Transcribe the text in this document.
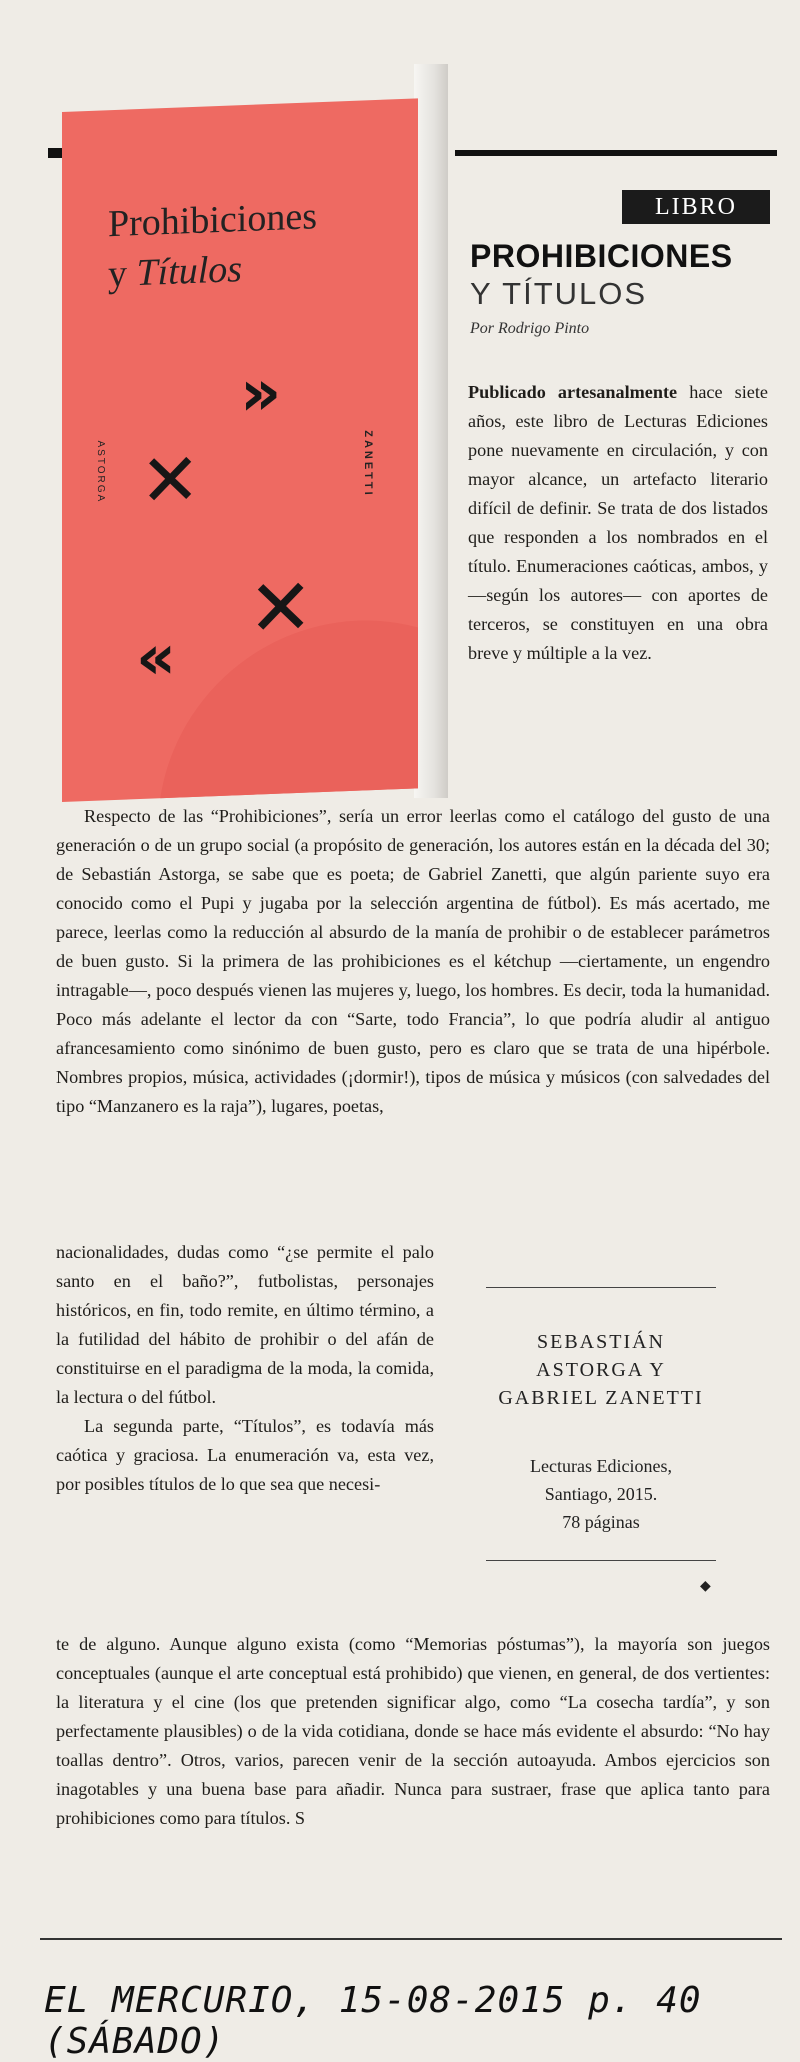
Prohibiciones
y Títulos
ASTORGA	ZANETTI
»
✕
✕
«
LIBRO
PROHIBICIONES
Y TÍTULOS
Por Rodrigo Pinto

Publicado artesanalmente hace siete años, este libro de Lecturas Ediciones pone nuevamente en circulación, y con mayor alcance, un artefacto literario difícil de definir. Se trata de dos listados que responden a los nombrados en el título. Enumeraciones caóticas, ambos, y —según los autores— con aportes de terceros, se constituyen en una obra breve y múltiple a la vez.

Respecto de las “Prohibiciones”, sería un error leerlas como el catálogo del gusto de una generación o de un grupo social (a propósito de generación, los autores están en la década del 30; de Sebastián Astorga, se sabe que es poeta; de Gabriel Zanetti, que algún pariente suyo era conocido como el Pupi y jugaba por la selección argentina de fútbol). Es más acertado, me parece, leerlas como la reducción al absurdo de la manía de prohibir o de establecer parámetros de buen gusto. Si la primera de las prohibiciones es el kétchup —ciertamente, un engendro intragable—, poco después vienen las mujeres y, luego, los hombres. Es decir, toda la humanidad. Poco más adelante el lector da con “Sarte, todo Francia”, lo que podría aludir al antiguo afrancesamiento como sinónimo de buen gusto, pero es claro que se trata de una hipérbole. Nombres propios, música, actividades (¡dormir!), tipos de música y músicos (con salvedades del tipo “Manzanero es la raja”), lugares, poetas,

nacionalidades, dudas como “¿se permite el palo santo en el baño?”, futbolistas, personajes históricos, en fin, todo remite, en último término, a la futilidad del hábito de prohibir o del afán de constituirse en el paradigma de la moda, la comida, la lectura o del fútbol.

La segunda parte, “Títulos”, es todavía más caótica y graciosa. La enumeración va, esta vez, por posibles títulos de lo que sea que necesi-

SEBASTIÁN ASTORGA Y GABRIEL ZANETTI
Lecturas Ediciones,
Santiago, 2015.
78 páginas
◆

te de alguno. Aunque alguno exista (como “Memorias póstumas”), la mayoría son juegos conceptuales (aunque el arte conceptual está prohibido) que vienen, en general, de dos vertientes: la literatura y el cine (los que pretenden significar algo, como “La cosecha tardía”, y son perfectamente plausibles) o de la vida cotidiana, donde se hace más evidente el absurdo: “No hay toallas dentro”. Otros, varios, parecen venir de la sección autoayuda. Ambos ejercicios son inagotables y una buena base para añadir. Nunca para sustraer, frase que aplica tanto para prohibiciones como para títulos. S

EL MERCURIO, 15-08-2015 p. 40 (SÁBADO)
